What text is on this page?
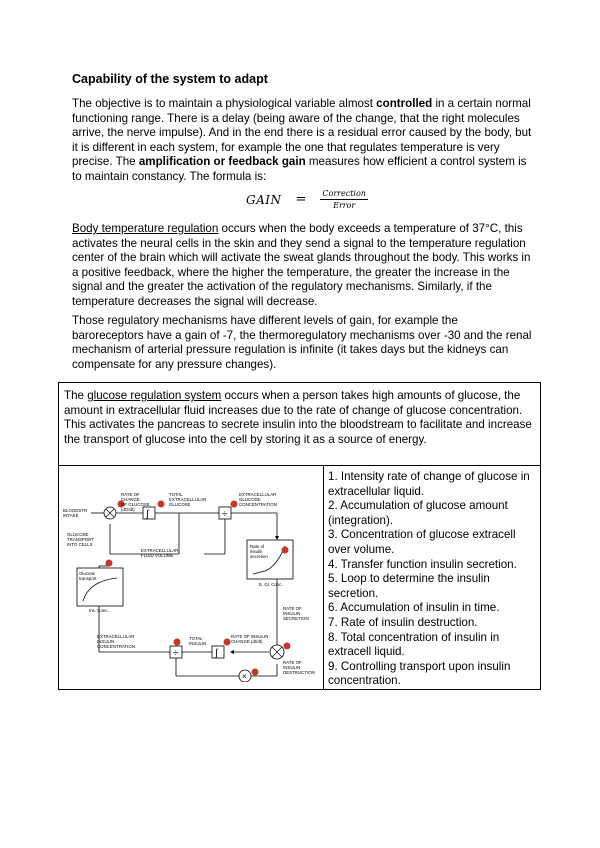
Capability of the system to adapt
The objective is to maintain a physiological variable almost controlled in a certain normal functioning range. There is a delay (being aware of the change, that the right molecules arrive, the nerve impulse). And in the end there is a residual error caused by the body, but it is different in each system, for example the one that regulates temperature is very precise. The amplification or feedback gain measures how efficient a control system is to maintain constancy. The formula is:
GAIN = $\frac{\text{Correction}}{\text{Error}}$
Body temperature regulation occurs when the body exceeds a temperature of 37°C, this activates the neural cells in the skin and they send a signal to the temperature regulation center of the brain which will activate the sweat glands throughout the body. This works in a positive feedback, where the higher the temperature, the greater the increase in the signal and the greater the activation of the regulatory mechanisms. Similarly, if the temperature decreases the signal will decrease.
Those regulatory mechanisms have different levels of gain, for example the baroreceptors have a gain of -7, the thermoregulatory mechanisms over -30 and the renal mechanism of arterial pressure regulation is infinite (it takes days but the kidneys can compensate for any pressure changes).
The glucose regulation system occurs when a person takes high amounts of glucose, the amount in extracellular fluid increases due to the rate of change of glucose concentration. This activates the pancreas to secrete insulin into the bloodstream to facilitate and increase the transport of glucose into the cell by storing it as a source of energy.

∫	÷
∫
÷
×
BLOODSTR INTAKE
RATE OF CHANGE OF GLUCOSE (dG/dt)
TOTAL EXTRACELLULAR GLUCOSE
EXTRACELLULAR GLUCOSE CONCENTRATION
GLUCOSE TRANSPORT INTO CELLS
EXTRACELLULAR FLUID VOLUME
Rate of insulin secretion
E. Gl. Conc.
Glucose transport
Ins. Conc.	RATE OF INSULIN SECRETION
EXTRACELLULAR INSULIN CONCENTRATION
TOTAL INSULIN
RATE OF INSULIN CHANGE (dI/dt)
RATE OF INSULIN DESTRUCTION

1. Intensity rate of change of glucose in extracellular liquid.
2. Accumulation of glucose amount (integration).
3. Concentration of glucose extracell over volume.
4. Transfer function insulin secretion.
5. Loop to determine the insulin secretion.
6. Accumulation of insulin in time.
7. Rate of insulin destruction.
8. Total concentration of insulin in extracell liquid.
9. Controlling transport upon insulin concentration.
